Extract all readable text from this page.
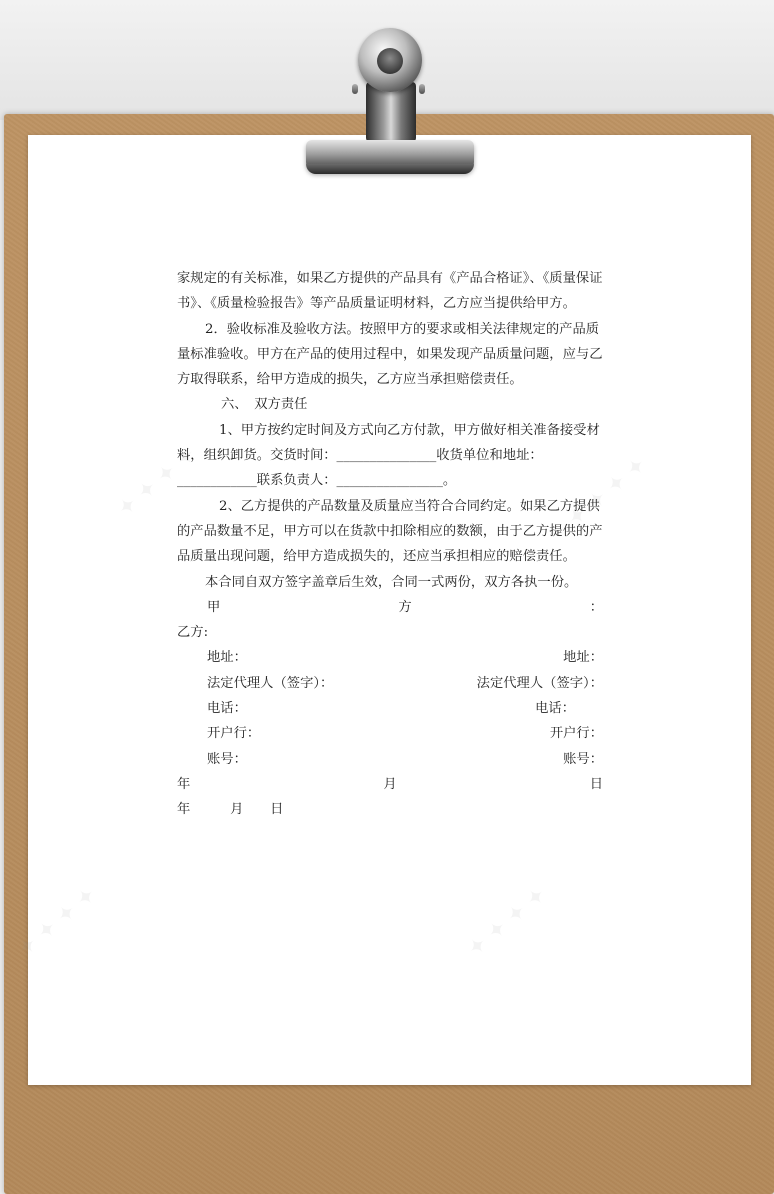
✦ ✦ ✦ ✦	✦ ✦ ✦ ✦
✦ ✦ ✦ ✦	✦ ✦ ✦ ✦

家规定的有关标准，如果乙方提供的产品具有《产品合格证》、《质量保证书》、《质量检验报告》等产品质量证明材料，乙方应当提供给甲方。

2．验收标准及验收方法。按照甲方的要求或相关法律规定的产品质量标准验收。甲方在产品的使用过程中，如果发现产品质量问题，应与乙方取得联系，给甲方造成的损失，乙方应当承担赔偿责任。

六、　双方责任

1、甲方按约定时间及方式向乙方付款，甲方做好相关准备接受材料，组织卸货。交货时间：_______________收货单位和地址：____________联系负责人：________________。

2、乙方提供的产品数量及质量应当符合合同约定。如果乙方提供的产品数量不足，甲方可以在货款中扣除相应的数额，由于乙方提供的产品质量出现问题，给甲方造成损失的，还应当承担相应的赔偿责任。

本合同自双方签字盖章后生效，合同一式两份，双方各执一份。

甲	方	：
乙方:
地址：	地址：
法定代理人（签字）：	法定代理人（签字）：
电话：	电话：
开户行：	开户行：
账号：	账号：
年	月	日
年　　　月　　日
